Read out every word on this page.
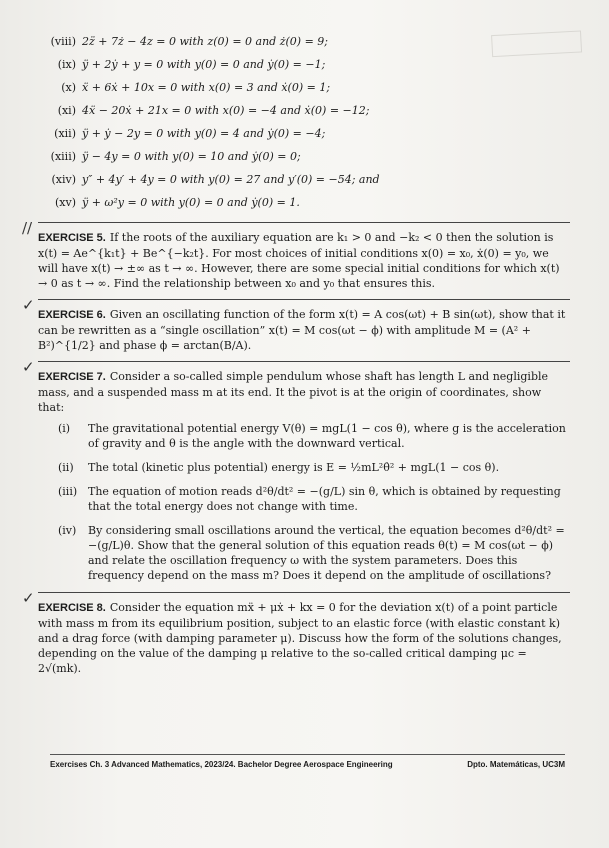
(viii) 2z̈ + 7ż − 4z = 0 with z(0) = 0 and ż(0) = 9;
(ix) ÿ + 2ẏ + y = 0 with y(0) = 0 and ẏ(0) = −1;
(x) ẍ + 6ẋ + 10x = 0 with x(0) = 3 and ẋ(0) = 1;
(xi) 4ẍ − 20ẋ + 21x = 0 with x(0) = −4 and ẋ(0) = −12;
(xii) ÿ + ẏ − 2y = 0 with y(0) = 4 and ẏ(0) = −4;
(xiii) ÿ − 4y = 0 with y(0) = 10 and ẏ(0) = 0;
(xiv) y″ + 4y′ + 4y = 0 with y(0) = 27 and y′(0) = −54; and
(xv) ÿ + ω²y = 0 with y(0) = 0 and ẏ(0) = 1.
//
EXERCISE 5. If the roots of the auxiliary equation are k₁ > 0 and −k₂ < 0 then the solution is x(t) = Ae^{k₁t} + Be^{−k₂t}. For most choices of initial conditions x(0) = x₀, ẋ(0) = y₀, we will have x(t) → ±∞ as t → ∞. However, there are some special initial conditions for which x(t) → 0 as t → ∞. Find the relationship between x₀ and y₀ that ensures this.
✓
EXERCISE 6. Given an oscillating function of the form x(t) = A cos(ωt) + B sin(ωt), show that it can be rewritten as a “single oscillation” x(t) = M cos(ωt − ϕ) with amplitude M = (A² + B²)^{1/2} and phase ϕ = arctan(B/A).
✓
EXERCISE 7. Consider a so-called simple pendulum whose shaft has length L and negligible mass, and a suspended mass m at its end. It the pivot is at the origin of coordinates, show that:
(i)	The gravitational potential energy V(θ) = mgL(1 − cos θ), where g is the acceleration of gravity and θ is the angle with the downward vertical.
(ii)	The total (kinetic plus potential) energy is E = ½mL²θ̇² + mgL(1 − cos θ).
(iii) The equation of motion reads d²θ/dt² = −(g/L) sin θ, which is obtained by requesting that the total energy does not change with time.
(iv)	By considering small oscillations around the vertical, the equation becomes d²θ/dt² = −(g/L)θ. Show that the general solution of this equation reads θ(t) = M cos(ωt − ϕ) and relate the oscillation frequency ω with the system parameters. Does this frequency depend on the mass m? Does it depend on the amplitude of oscillations?
✓
EXERCISE 8. Consider the equation mẍ + μẋ + kx = 0 for the deviation x(t) of a point particle with mass m from its equilibrium position, subject to an elastic force (with elastic constant k) and a drag force (with damping parameter μ). Discuss how the form of the solutions changes, depending on the value of the damping μ relative to the so-called critical damping μc = 2√(mk).
Exercises Ch. 3 Advanced Mathematics, 2023/24. Bachelor Degree Aerospace Engineering	Dpto. Matemáticas, UC3M
